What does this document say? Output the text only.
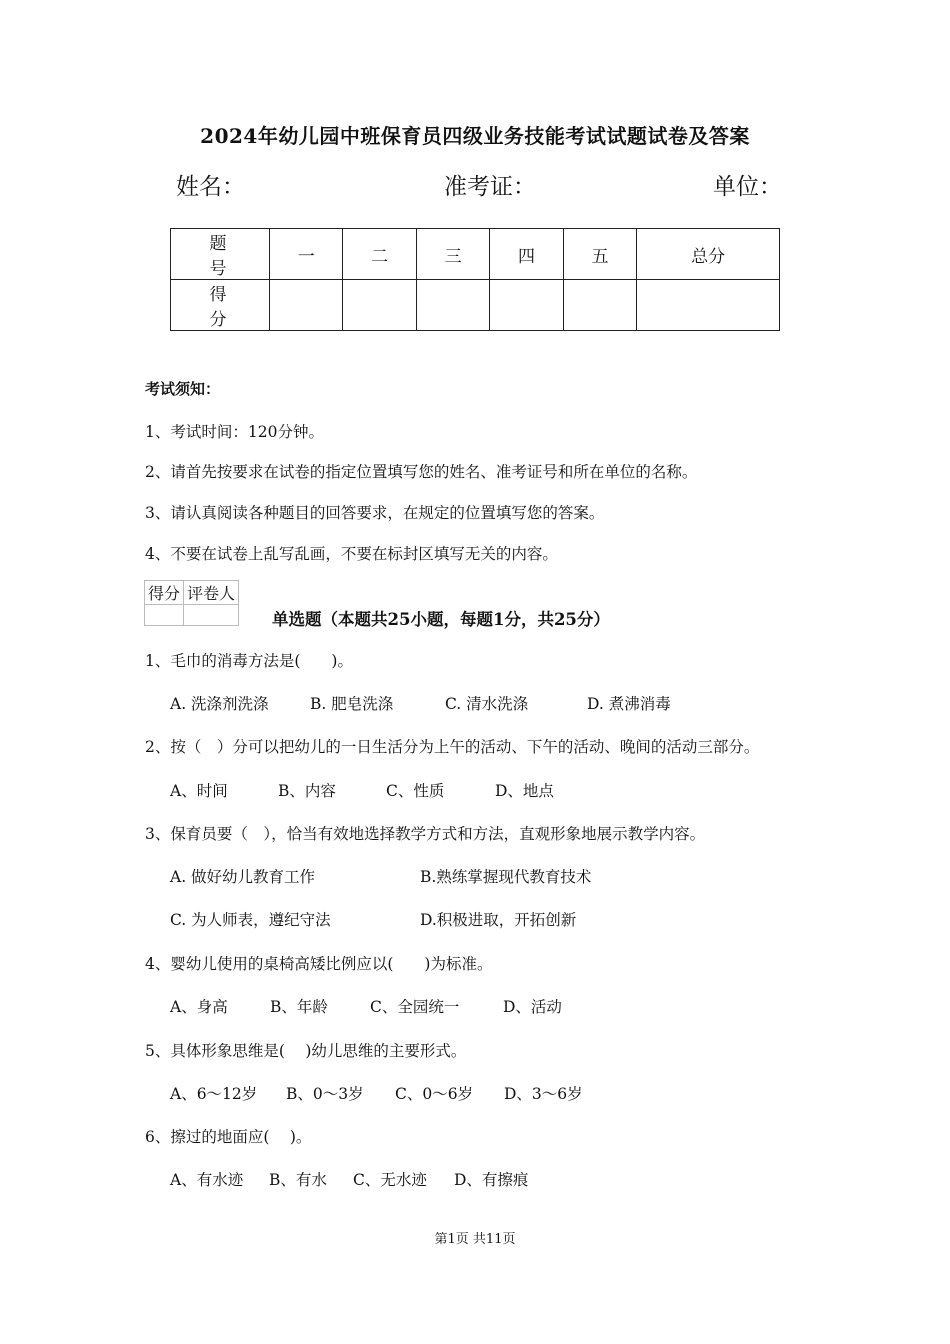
2024年幼儿园中班保育员四级业务技能考试试题试卷及答案
姓名：	准考证：	单位：
题　号	一	二	三	四	五	总分
得　分						
考试须知：
1、考试时间：120分钟。
2、请首先按要求在试卷的指定位置填写您的姓名、准考证号和所在单位的名称。
3、请认真阅读各种题目的回答要求，在规定的位置填写您的答案。
4、不要在试卷上乱写乱画，不要在标封区填写无关的内容。
得分	评卷人

单选题（本题共25小题，每题1分，共25分）
1、毛巾的消毒方法是(　　)。
A. 洗涤剂洗涤	B. 肥皂洗涤	C. 清水洗涤	D. 煮沸消毒
2、按（　）分可以把幼儿的一日生活分为上午的活动、下午的活动、晚间的活动三部分。
A、时间	B、内容	C、性质	D、地点
3、保育员要（　），恰当有效地选择教学方式和方法，直观形象地展示教学内容。
A. 做好幼儿教育工作	B.熟练掌握现代教育技术
C. 为人师表，遵纪守法	D.积极进取，开拓创新
4、婴幼儿使用的桌椅高矮比例应以(　　)为标准。
A、身高	B、年龄	C、全园统一	D、活动
5、具体形象思维是(　 )幼儿思维的主要形式。
A、6～12岁 B、0～3岁 C、0～6岁 D、3～6岁
6、擦过的地面应(　 )。
A、有水迹 B、有水 C、无水迹 D、有擦痕
第1页 共11页
